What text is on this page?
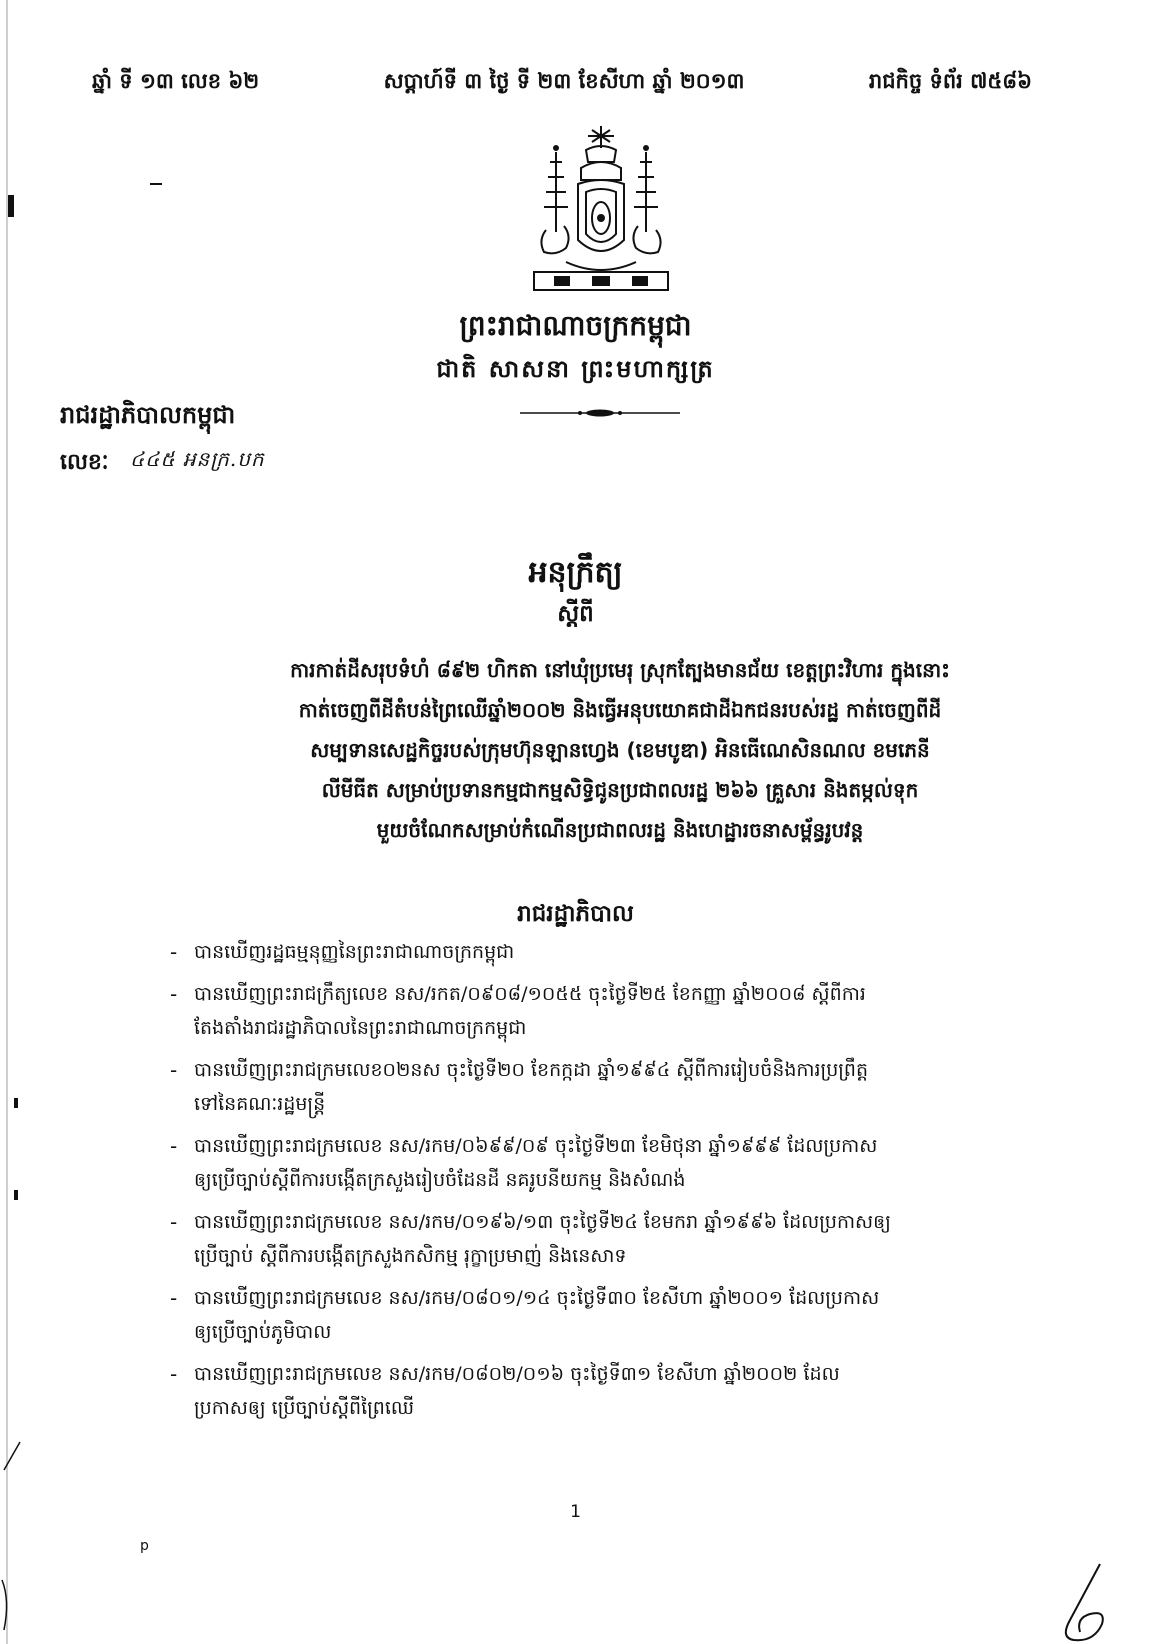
ឆ្នាំ ទី ១៣ លេខ ៦២	សប្តាហ៍ទី ៣ ថ្ងៃ ទី ២៣ ខែសីហា ឆ្នាំ ២០១៣	រាជកិច្ច ទំព័រ ៧៥៨៦
ព្រះរាជាណាចក្រកម្ពុជា
ជាតិ សាសនា ព្រះមហាក្សត្រ
រាជរដ្ឋាភិបាលកម្ពុជា
លេខៈ ៤៤៥ អនក្រ.បក
អនុក្រឹត្យ
ស្តីពី
ការកាត់ដីសរុបទំហំ ៨៩២ ហិកតា នៅឃុំប្រមេរុ ស្រុកត្បែងមានជ័យ ខេត្តព្រះវិហារ ក្នុងនោះ
កាត់ចេញពីដីតំបន់ព្រៃឈើឆ្នាំ២០០២ និងធ្វើអនុបយោគជាដីឯកជនរបស់រដ្ឋ កាត់ចេញពីដី
សម្បទានសេដ្ឋកិច្ចរបស់ក្រុមហ៊ុនឡានហ្វេង (ខេមបូឌា) អិនធើណេសិនណល ខមភេនី
លីមីធីត សម្រាប់ប្រទានកម្មជាកម្មសិទ្ធិជូនប្រជាពលរដ្ឋ ២៦៦ គ្រួសារ និងតម្កល់ទុក
មួយចំណែកសម្រាប់កំណើនប្រជាពលរដ្ឋ និងហេដ្ឋារចនាសម្ព័ន្ធរូបវន្ត
រាជរដ្ឋាភិបាល
- បានឃើញរដ្ឋធម្មនុញ្ញនៃព្រះរាជាណាចក្រកម្ពុជា
- បានឃើញព្រះរាជក្រឹត្យលេខ នស/រកត/០៩០៨/១០៥៥ ចុះថ្ងៃទី២៥ ខែកញ្ញា ឆ្នាំ២០០៨ ស្តីពីការ
តែងតាំងរាជរដ្ឋាភិបាលនៃព្រះរាជាណាចក្រកម្ពុជា
- បានឃើញព្រះរាជក្រមលេខ០២នស ចុះថ្ងៃទី២០ ខែកក្កដា ឆ្នាំ១៩៩៤ ស្តីពីការរៀបចំនិងការប្រព្រឹត្ត
ទៅនៃគណៈរដ្ឋមន្ត្រី
- បានឃើញព្រះរាជក្រមលេខ នស/រកម/០៦៩៩/០៩ ចុះថ្ងៃទី២៣ ខែមិថុនា ឆ្នាំ១៩៩៩ ដែលប្រកាស
ឲ្យប្រើច្បាប់ស្តីពីការបង្កើតក្រសួងរៀបចំដែនដី នគរូបនីយកម្ម និងសំណង់
- បានឃើញព្រះរាជក្រមលេខ នស/រកម/០១៩៦/១៣ ចុះថ្ងៃទី២៤ ខែមករា ឆ្នាំ១៩៩៦ ដែលប្រកាសឲ្យ
ប្រើច្បាប់ ស្តីពីការបង្កើតក្រសួងកសិកម្ម រុក្ខាប្រមាញ់ និងនេសាទ
- បានឃើញព្រះរាជក្រមលេខ នស/រកម/០៨០១/១៤ ចុះថ្ងៃទី៣០ ខែសីហា ឆ្នាំ២០០១ ដែលប្រកាស
ឲ្យប្រើច្បាប់ភូមិបាល
- បានឃើញព្រះរាជក្រមលេខ នស/រកម/០៨០២/០១៦ ចុះថ្ងៃទី៣១ ខែសីហា ឆ្នាំ២០០២ ដែល
ប្រកាសឲ្យ ប្រើច្បាប់ស្តីពីព្រៃឈើ
1
p
